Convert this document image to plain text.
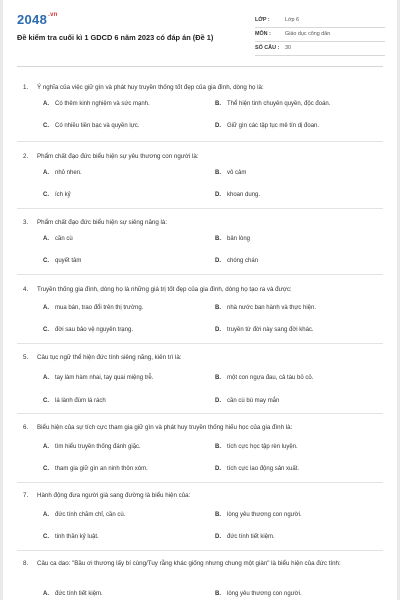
$2048^{.vn}$
Đề kiểm tra cuối kì 1 GDCD 6 năm 2023 có đáp án (Đề 1)
LỚP :	Lớp 6
MÔN :	Giáo dục công dân
SỐ CÂU : 30
1. Ý nghĩa của việc giữ gìn và phát huy truyền thống tốt đẹp của gia đình, dòng họ là:
A. Có thêm kinh nghiệm và sức mạnh.	B. Thể hiện tinh chuyên quyền, độc đoán.
C. Có nhiều tiền bạc và quyền lực.	D. Giữ gìn các tập tục mê tín dị đoan.
2. Phẩm chất đạo đức biểu hiện sự yêu thương con người là:
A. nhỏ nhen.	B. vô cảm
C. ích kỷ	D. khoan dung.
3. Phẩm chất đạo đức biểu hiện sự siêng năng là:
A. cần cù	B. bản lòng
C. quyết tâm	D. chóng chán
4. Truyền thống gia đình, dòng họ là những giá trị tốt đẹp của gia đình, dòng họ tạo ra và được:
A. mua bán, trao đổi trên thị trường.	B. nhà nước ban hành và thực hiện.
C. đời sau bảo vệ nguyên trạng.	D. truyền từ đời này sang đời khác.
5. Câu tục ngữ thể hiện đức tính siêng năng, kiên trì là:
A. tay làm hàm nhai, tay quai miệng trễ.	B. một con ngựa đau, cả tàu bỏ cỏ.
C. lá lành đùm lá rách	D. cần cù bù may mắn
6. Biểu hiện của sự tích cực tham gia giữ gìn và phát huy truyền thống hiếu học của gia đình là:
A. tìm hiểu truyền thống đánh giặc.	B. tích cực học tập rèn luyện.
C. tham gia giữ gìn an ninh thôn xóm.	D. tích cực lao động sản xuất.
7. Hành động đưa người già sang đường là biểu hiện của:
A. đức tính chăm chỉ, cần cù.	B. lòng yêu thương con người.
C. tinh thần kỷ luật.	D. đức tính tiết kiệm.
8. Câu ca dao: "Bầu ơi thương lấy bí cùng/Tuy rằng khác giống nhưng chung một giàn" là biểu hiện của đức tính:
A. đức tính tiết kiệm.	B. lòng yêu thương con người.
